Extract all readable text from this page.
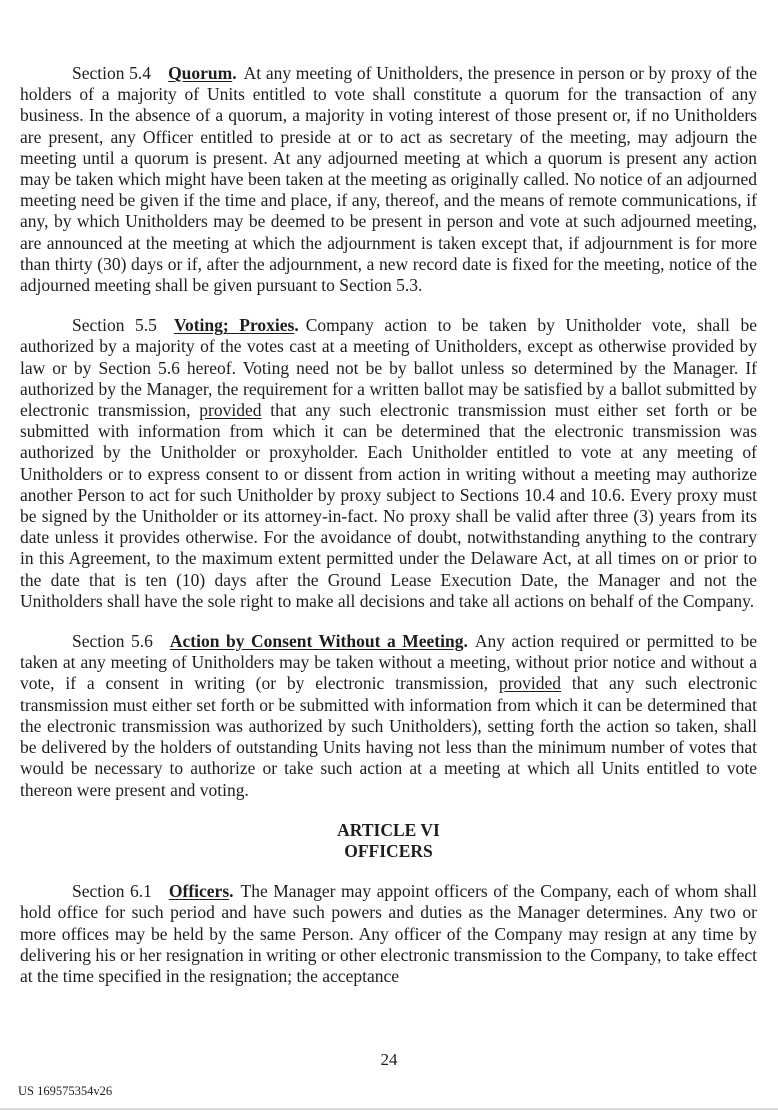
Section 5.4 Quorum. At any meeting of Unitholders, the presence in person or by proxy of the holders of a majority of Units entitled to vote shall constitute a quorum for the transaction of any business. In the absence of a quorum, a majority in voting interest of those present or, if no Unitholders are present, any Officer entitled to preside at or to act as secretary of the meeting, may adjourn the meeting until a quorum is present. At any adjourned meeting at which a quorum is present any action may be taken which might have been taken at the meeting as originally called. No notice of an adjourned meeting need be given if the time and place, if any, thereof, and the means of remote communications, if any, by which Unitholders may be deemed to be present in person and vote at such adjourned meeting, are announced at the meeting at which the adjournment is taken except that, if adjournment is for more than thirty (30) days or if, after the adjournment, a new record date is fixed for the meeting, notice of the adjourned meeting shall be given pursuant to Section 5.3.

Section 5.5 Voting; Proxies. Company action to be taken by Unitholder vote, shall be authorized by a majority of the votes cast at a meeting of Unitholders, except as otherwise provided by law or by Section 5.6 hereof. Voting need not be by ballot unless so determined by the Manager. If authorized by the Manager, the requirement for a written ballot may be satisfied by a ballot submitted by electronic transmission, provided that any such electronic transmission must either set forth or be submitted with information from which it can be determined that the electronic transmission was authorized by the Unitholder or proxyholder. Each Unitholder entitled to vote at any meeting of Unitholders or to express consent to or dissent from action in writing without a meeting may authorize another Person to act for such Unitholder by proxy subject to Sections 10.4 and 10.6. Every proxy must be signed by the Unitholder or its attorney-in-fact. No proxy shall be valid after three (3) years from its date unless it provides otherwise. For the avoidance of doubt, notwithstanding anything to the contrary in this Agreement, to the maximum extent permitted under the Delaware Act, at all times on or prior to the date that is ten (10) days after the Ground Lease Execution Date, the Manager and not the Unitholders shall have the sole right to make all decisions and take all actions on behalf of the Company.

Section 5.6 Action by Consent Without a Meeting. Any action required or permitted to be taken at any meeting of Unitholders may be taken without a meeting, without prior notice and without a vote, if a consent in writing (or by electronic transmission, provided that any such electronic transmission must either set forth or be submitted with information from which it can be determined that the electronic transmission was authorized by such Unitholders), setting forth the action so taken, shall be delivered by the holders of outstanding Units having not less than the minimum number of votes that would be necessary to authorize or take such action at a meeting at which all Units entitled to vote thereon were present and voting.

ARTICLE VI
OFFICERS

Section 6.1 Officers. The Manager may appoint officers of the Company, each of whom shall hold office for such period and have such powers and duties as the Manager determines. Any two or more offices may be held by the same Person. Any officer of the Company may resign at any time by delivering his or her resignation in writing or other electronic transmission to the Company, to take effect at the time specified in the resignation; the acceptance

24
US 169575354v26
